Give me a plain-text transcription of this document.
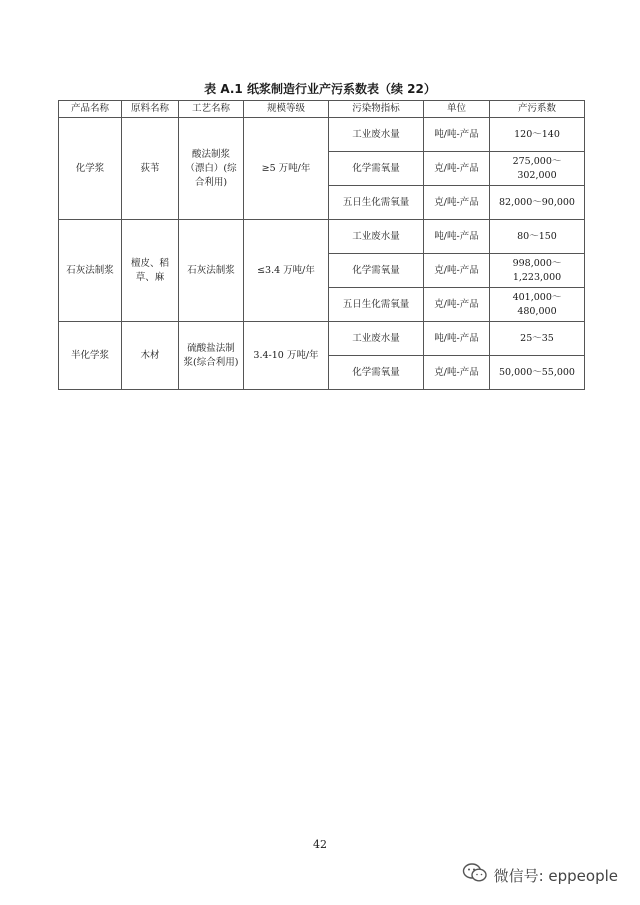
表 A.1 纸浆制造行业产污系数表（续 22）
产品名称	原料名称	工艺名称	规模等级	污染物指标	单位	产污系数
化学浆	荻苇	酸法制浆（漂白）(综合利用)	≥5 万吨/年	工业废水量	吨/吨-产品	120～140
				化学需氧量	克/吨-产品	275,000～302,000
				五日生化需氧量	克/吨-产品	82,000～90,000
石灰法制浆	檀皮、稻草、麻	石灰法制浆	≤3.4 万吨/年	工业废水量	吨/吨-产品	80～150
				化学需氧量	克/吨-产品	998,000～1,223,000
				五日生化需氧量	克/吨-产品	401,000～480,000
半化学浆	木材	硫酸盐法制浆(综合利用)	3.4-10 万吨/年	工业废水量	吨/吨-产品	25～35
				化学需氧量	克/吨-产品	50,000～55,000
42
微信号: eppeople
